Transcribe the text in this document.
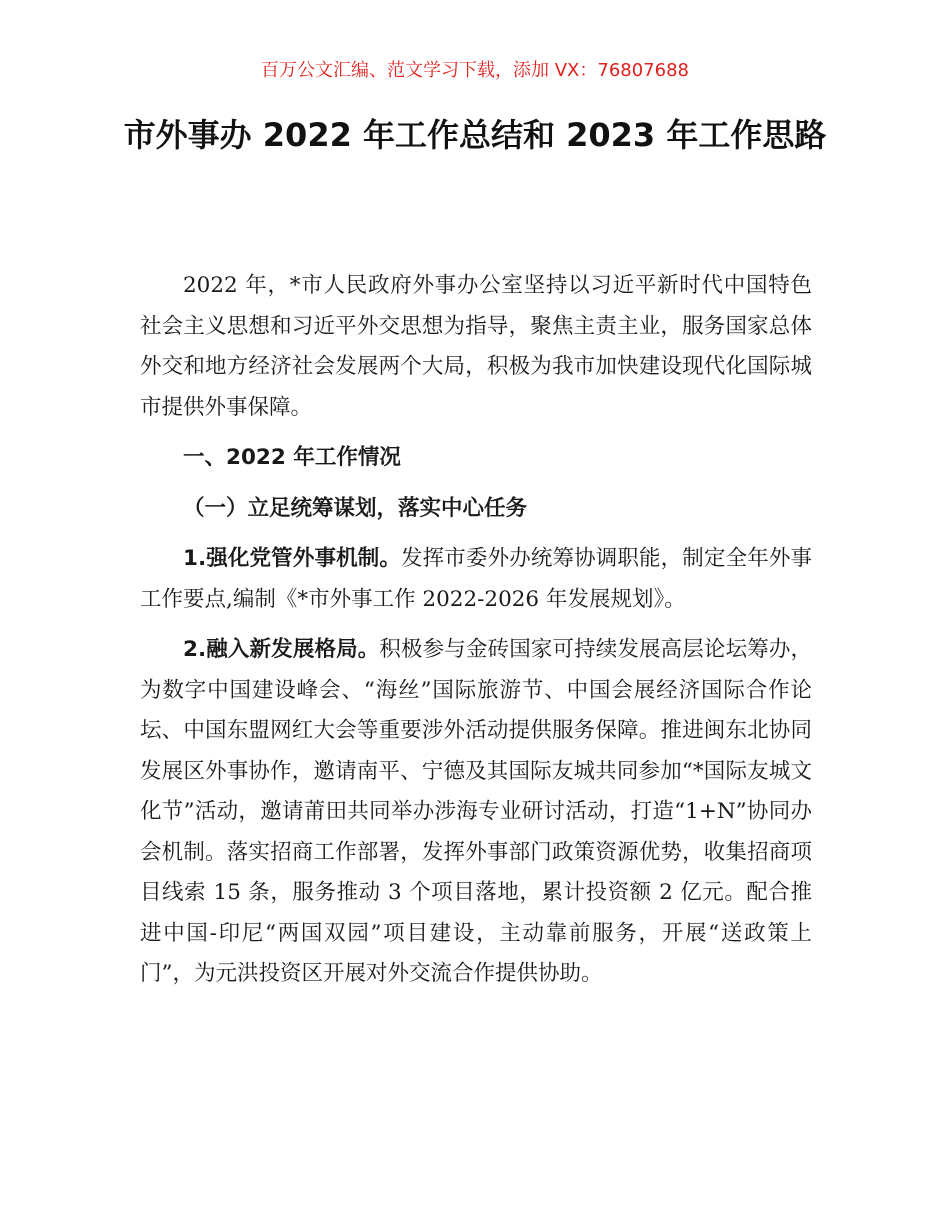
百万公文汇编、范文学习下载，添加 VX：76807688
市外事办 2022 年工作总结和 2023 年工作思路

2022 年，*市人民政府外事办公室坚持以习近平新时代中国特色社会主义思想和习近平外交思想为指导，聚焦主责主业，服务国家总体外交和地方经济社会发展两个大局，积极为我市加快建设现代化国际城市提供外事保障。

一、2022 年工作情况

（一）立足统筹谋划，落实中心任务

1.强化党管外事机制。发挥市委外办统筹协调职能，制定全年外事工作要点,编制《*市外事工作 2022-2026 年发展规划》。

2.融入新发展格局。积极参与金砖国家可持续发展高层论坛筹办，为数字中国建设峰会、“海丝”国际旅游节、中国会展经济国际合作论坛、中国东盟网红大会等重要涉外活动提供服务保障。推进闽东北协同发展区外事协作，邀请南平、宁德及其国际友城共同参加“*国际友城文化节”活动，邀请莆田共同举办涉海专业研讨活动，打造“1+N”协同办会机制。落实招商工作部署，发挥外事部门政策资源优势，收集招商项目线索 15 条，服务推动 3 个项目落地，累计投资额 2 亿元。配合推进中国-印尼“两国双园”项目建设，主动靠前服务，开展“送政策上门”，为元洪投资区开展对外交流合作提供协助。
